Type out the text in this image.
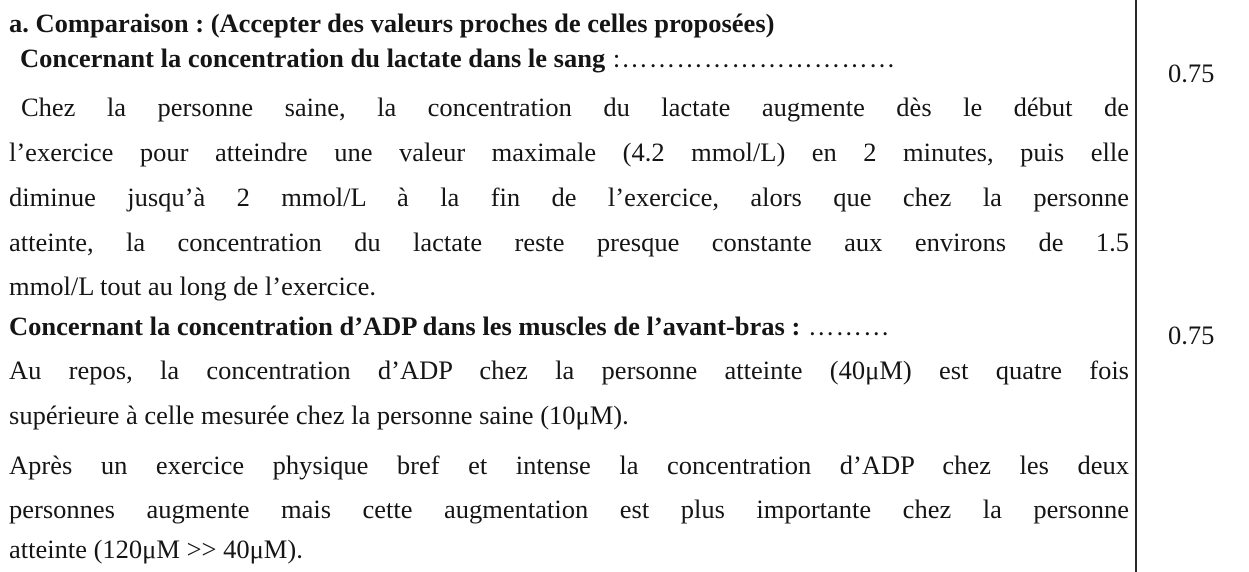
a. Comparaison : (Accepter des valeurs proches de celles proposées)
Concernant la concentration du lactate dans le sang :…………………………
Chez la personne saine, la concentration du lactate augmente dès le début de
l’exercice pour atteindre une valeur maximale (4.2 mmol/L) en 2 minutes, puis elle
diminue jusqu’à 2 mmol/L à la fin de l’exercice, alors que chez la personne
atteinte, la concentration du lactate reste presque constante aux environs de 1.5
mmol/L tout au long de l’exercice.
Concernant la concentration d’ADP dans les muscles de l’avant-bras : ………
Au repos, la concentration d’ADP chez la personne atteinte (40μM) est quatre fois
supérieure à celle mesurée chez la personne saine (10μM).
Après un exercice physique bref et intense la concentration d’ADP chez les deux
personnes augmente mais cette augmentation est plus importante chez la personne
atteinte (120μM >> 40μM).
0.75
0.75
